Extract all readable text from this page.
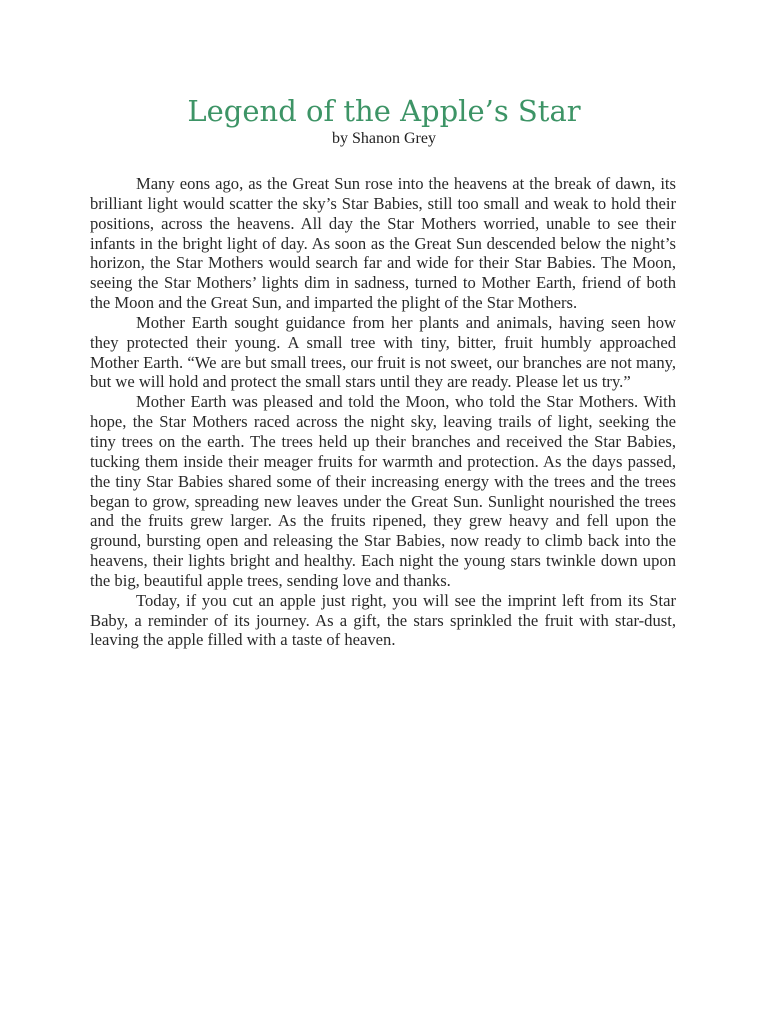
Legend of the Apple’s Star
by Shanon Grey

Many eons ago, as the Great Sun rose into the heavens at the break of dawn, its brilliant light would scatter the sky’s Star Babies, still too small and weak to hold their positions, across the heavens. All day the Star Mothers worried, unable to see their infants in the bright light of day. As soon as the Great Sun descended below the night’s horizon, the Star Mothers would search far and wide for their Star Babies. The Moon, seeing the Star Mothers’ lights dim in sadness, turned to Mother Earth, friend of both the Moon and the Great Sun, and imparted the plight of the Star Mothers.

Mother Earth sought guidance from her plants and animals, having seen how they protected their young. A small tree with tiny, bitter, fruit humbly approached Mother Earth. “We are but small trees, our fruit is not sweet, our branches are not many, but we will hold and protect the small stars until they are ready. Please let us try.”

Mother Earth was pleased and told the Moon, who told the Star Mothers. With hope, the Star Mothers raced across the night sky, leaving trails of light, seeking the tiny trees on the earth. The trees held up their branches and received the Star Babies, tucking them inside their meager fruits for warmth and protection. As the days passed, the tiny Star Babies shared some of their increasing energy with the trees and the trees began to grow, spreading new leaves under the Great Sun. Sunlight nourished the trees and the fruits grew larger. As the fruits ripened, they grew heavy and fell upon the ground, bursting open and releasing the Star Babies, now ready to climb back into the heavens, their lights bright and healthy. Each night the young stars twinkle down upon the big, beautiful apple trees, sending love and thanks.

Today, if you cut an apple just right, you will see the imprint left from its Star Baby, a reminder of its journey. As a gift, the stars sprinkled the fruit with star-dust, leaving the apple filled with a taste of heaven.
